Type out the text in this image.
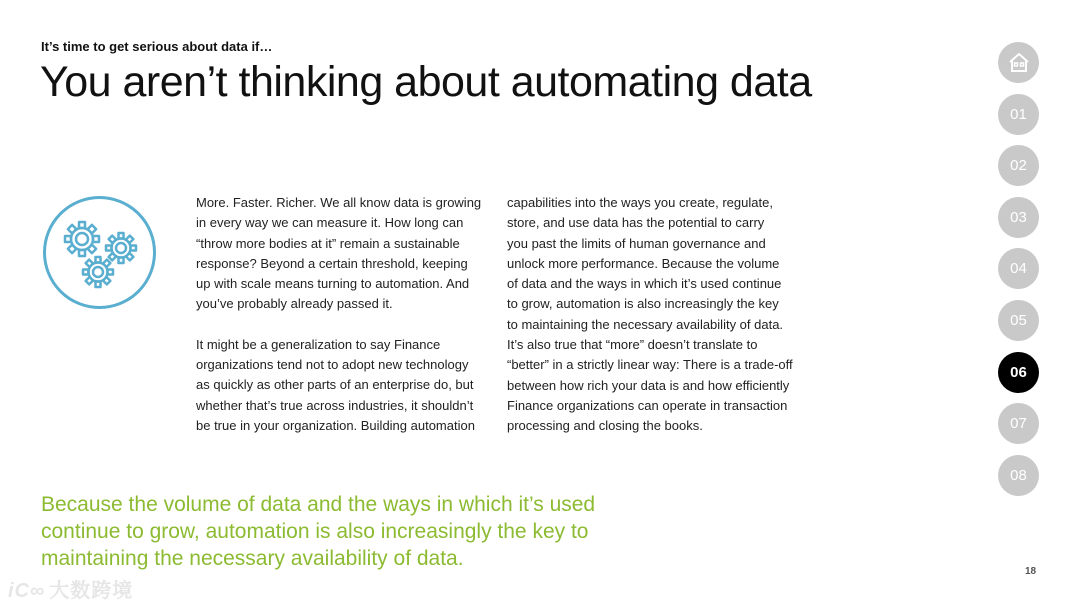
It’s time to get serious about data if…
You aren’t thinking about automating data

More. Faster. Richer. We all know data is growing
in every way we can measure it. How long can
“throw more bodies at it” remain a sustainable
response? Beyond a certain threshold, keeping
up with scale means turning to automation. And
you’ve probably already passed it.

It might be a generalization to say Finance
organizations tend not to adopt new technology
as quickly as other parts of an enterprise do, but
whether that’s true across industries, it shouldn’t
be true in your organization. Building automation

capabilities into the ways you create, regulate,
store, and use data has the potential to carry
you past the limits of human governance and
unlock more performance. Because the volume
of data and the ways in which it’s used continue
to grow, automation is also increasingly the key
to maintaining the necessary availability of data.
It’s also true that “more” doesn’t translate to
“better” in a strictly linear way: There is a trade-off
between how rich your data is and how efficiently
Finance organizations can operate in transaction
processing and closing the books.

Because the volume of data and the ways in which it’s used
continue to grow, automation is also increasingly the key to
maintaining the necessary availability of data.
01
02
03
04
05
06
07
08
18
iC∞ 大数跨境
